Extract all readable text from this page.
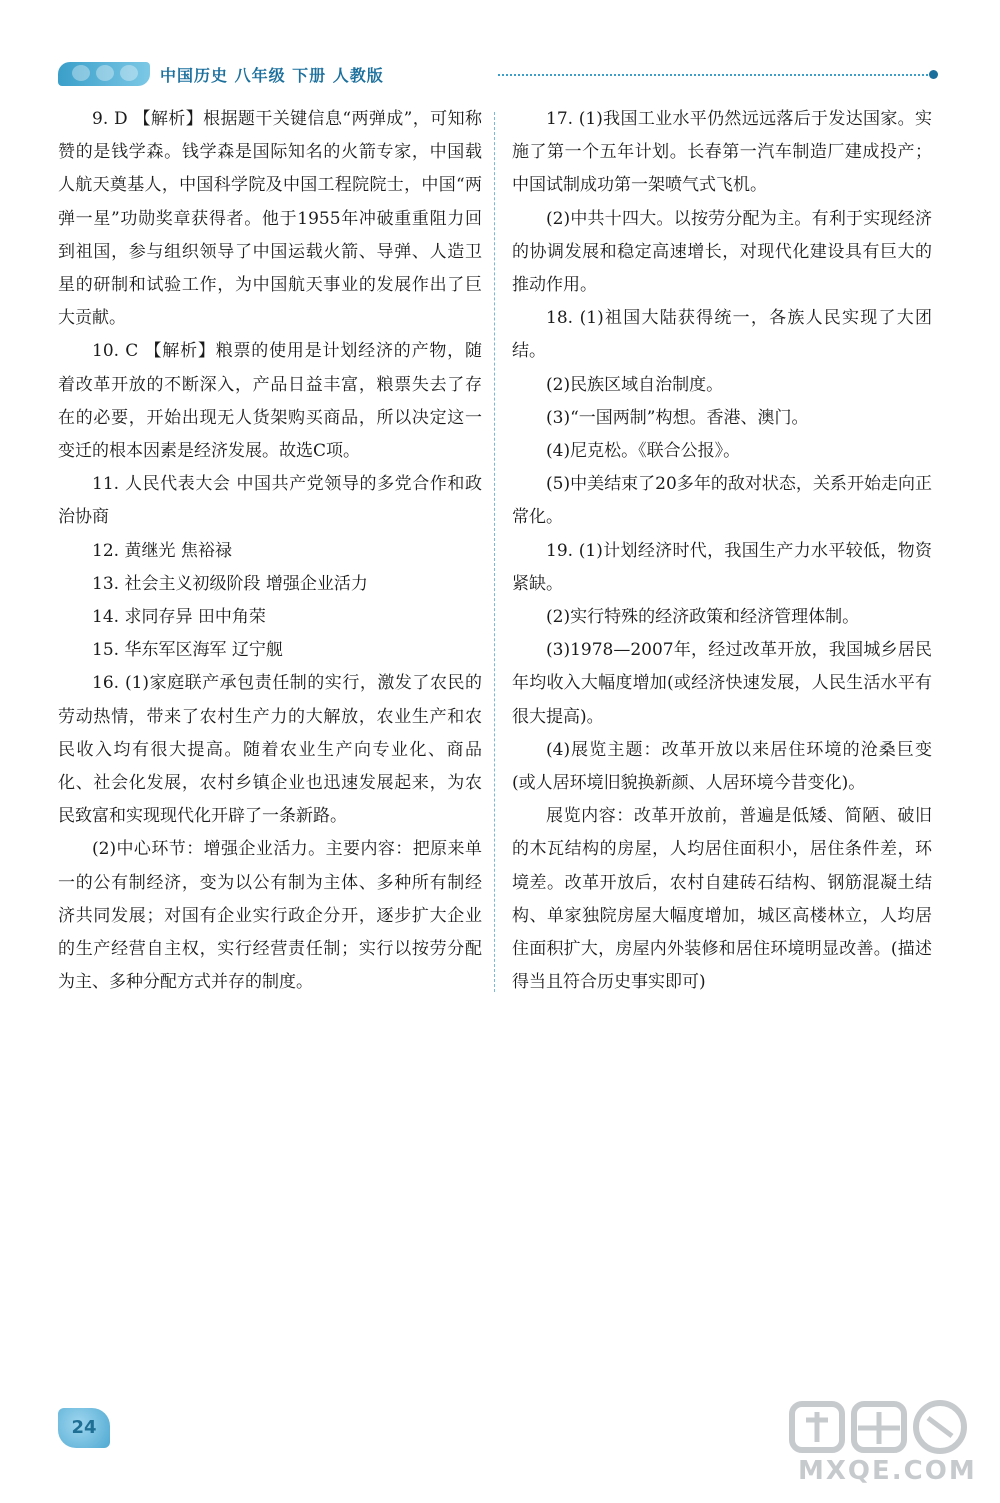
中国历史 八年级 下册 人教版

9. D 【解析】根据题干关键信息“两弹成”，可知称赞的是钱学森。钱学森是国际知名的火箭专家，中国载人航天奠基人，中国科学院及中国工程院院士，中国“两弹一星”功勋奖章获得者。他于1955年冲破重重阻力回到祖国，参与组织领导了中国运载火箭、导弹、人造卫星的研制和试验工作，为中国航天事业的发展作出了巨大贡献。

10. C 【解析】粮票的使用是计划经济的产物，随着改革开放的不断深入，产品日益丰富，粮票失去了存在的必要，开始出现无人货架购买商品，所以决定这一变迁的根本因素是经济发展。故选C项。

11. 人民代表大会 中国共产党领导的多党合作和政治协商

12. 黄继光 焦裕禄

13. 社会主义初级阶段 增强企业活力

14. 求同存异 田中角荣

15. 华东军区海军 辽宁舰

16. (1)家庭联产承包责任制的实行，激发了农民的劳动热情，带来了农村生产力的大解放，农业生产和农民收入均有很大提高。随着农业生产向专业化、商品化、社会化发展，农村乡镇企业也迅速发展起来，为农民致富和实现现代化开辟了一条新路。

(2)中心环节：增强企业活力。主要内容：把原来单一的公有制经济，变为以公有制为主体、多种所有制经济共同发展；对国有企业实行政企分开，逐步扩大企业的生产经营自主权，实行经营责任制；实行以按劳分配为主、多种分配方式并存的制度。

17. (1)我国工业水平仍然远远落后于发达国家。实施了第一个五年计划。长春第一汽车制造厂建成投产；中国试制成功第一架喷气式飞机。

(2)中共十四大。以按劳分配为主。有利于实现经济的协调发展和稳定高速增长，对现代化建设具有巨大的推动作用。

18. (1)祖国大陆获得统一，各族人民实现了大团结。

(2)民族区域自治制度。

(3)“一国两制”构想。香港、澳门。

(4)尼克松。《联合公报》。

(5)中美结束了20多年的敌对状态，关系开始走向正常化。

19. (1)计划经济时代，我国生产力水平较低，物资紧缺。

(2)实行特殊的经济政策和经济管理体制。

(3)1978—2007年，经过改革开放，我国城乡居民年均收入大幅度增加(或经济快速发展，人民生活水平有很大提高)。

(4)展览主题：改革开放以来居住环境的沧桑巨变(或人居环境旧貌换新颜、人居环境今昔变化)。

展览内容：改革开放前，普遍是低矮、简陋、破旧的木瓦结构的房屋，人均居住面积小，居住条件差，环境差。改革开放后，农村自建砖石结构、钢筋混凝土结构、单家独院房屋大幅度增加，城区高楼林立，人均居住面积扩大，房屋内外装修和居住环境明显改善。(描述得当且符合历史事实即可)

24
MXQE.COM
